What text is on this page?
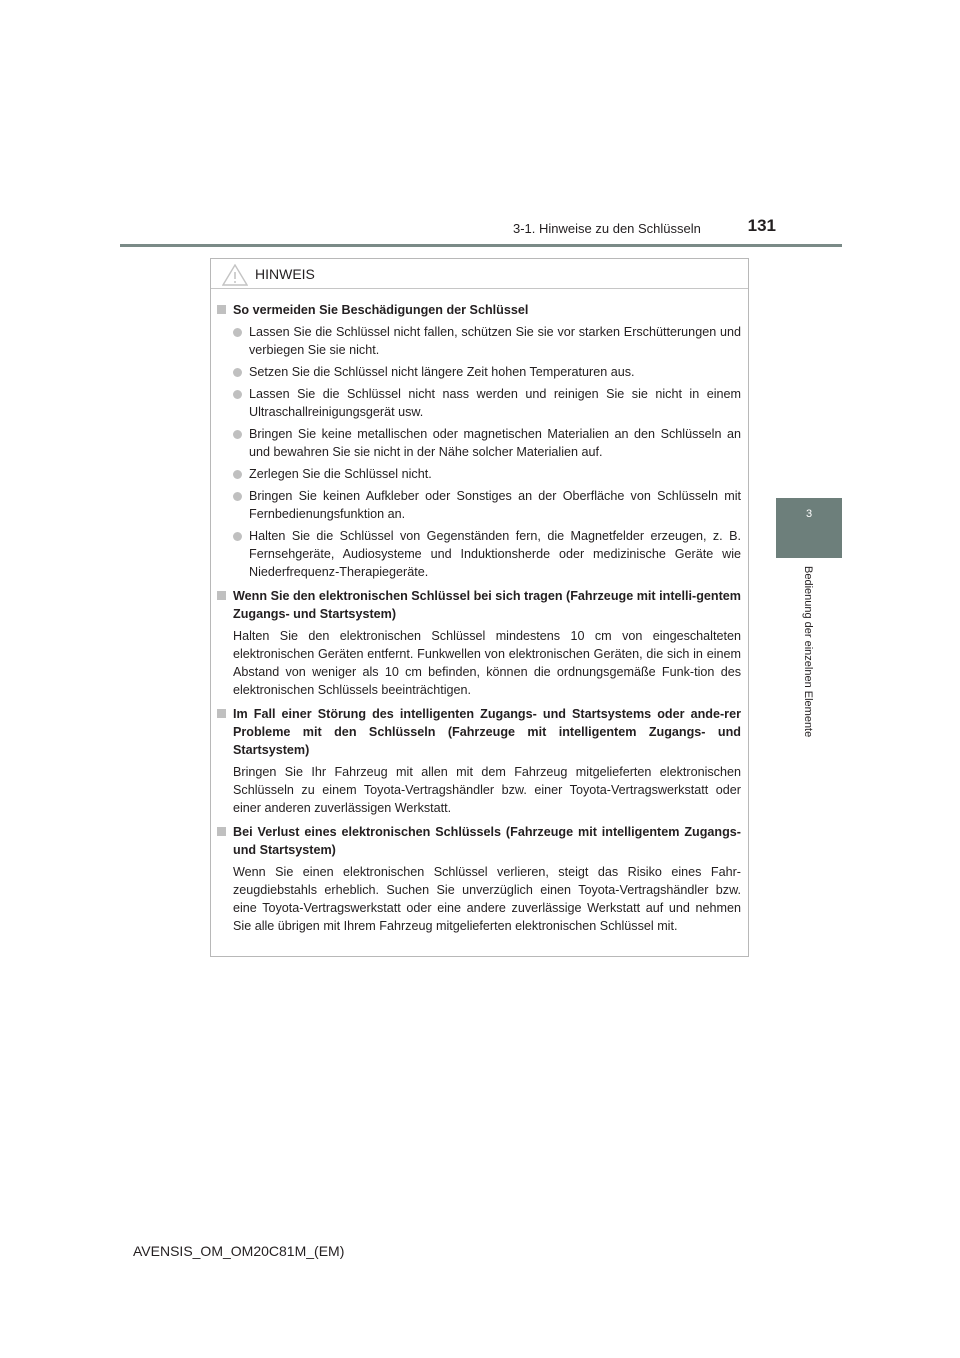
3-1. Hinweise zu den Schlüsseln	131
3
Bedienung der einzelnen Elemente
HINWEIS
So vermeiden Sie Beschädigungen der Schlüssel
Lassen Sie die Schlüssel nicht fallen, schützen Sie sie vor starken Erschütterungen und verbiegen Sie sie nicht.
Setzen Sie die Schlüssel nicht längere Zeit hohen Temperaturen aus.
Lassen Sie die Schlüssel nicht nass werden und reinigen Sie sie nicht in einem Ultraschallreinigungsgerät usw.
Bringen Sie keine metallischen oder magnetischen Materialien an den Schlüsseln an und bewahren Sie sie nicht in der Nähe solcher Materialien auf.
Zerlegen Sie die Schlüssel nicht.
Bringen Sie keinen Aufkleber oder Sonstiges an der Oberfläche von Schlüsseln mit Fernbedienungsfunktion an.
Halten Sie die Schlüssel von Gegenständen fern, die Magnetfelder erzeugen, z. B. Fernsehgeräte, Audiosysteme und Induktionsherde oder medizinische Geräte wie Niederfrequenz-Therapiegeräte.
Wenn Sie den elektronischen Schlüssel bei sich tragen (Fahrzeuge mit intelli-gentem Zugangs- und Startsystem)
Halten Sie den elektronischen Schlüssel mindestens 10 cm von eingeschalteten elektronischen Geräten entfernt. Funkwellen von elektronischen Geräten, die sich in einem Abstand von weniger als 10 cm befinden, können die ordnungsgemäße Funk-tion des elektronischen Schlüssels beeinträchtigen.
Im Fall einer Störung des intelligenten Zugangs- und Startsystems oder ande-rer Probleme mit den Schlüsseln (Fahrzeuge mit intelligentem Zugangs- und Startsystem)
Bringen Sie Ihr Fahrzeug mit allen mit dem Fahrzeug mitgelieferten elektronischen Schlüsseln zu einem Toyota-Vertragshändler bzw. einer Toyota-Vertragswerkstatt oder einer anderen zuverlässigen Werkstatt.
Bei Verlust eines elektronischen Schlüssels (Fahrzeuge mit intelligentem Zugangs- und Startsystem)
Wenn Sie einen elektronischen Schlüssel verlieren, steigt das Risiko eines Fahr-zeugdiebstahls erheblich. Suchen Sie unverzüglich einen Toyota-Vertragshändler bzw. eine Toyota-Vertragswerkstatt oder eine andere zuverlässige Werkstatt auf und nehmen Sie alle übrigen mit Ihrem Fahrzeug mitgelieferten elektronischen Schlüssel mit.
AVENSIS_OM_OM20C81M_(EM)
